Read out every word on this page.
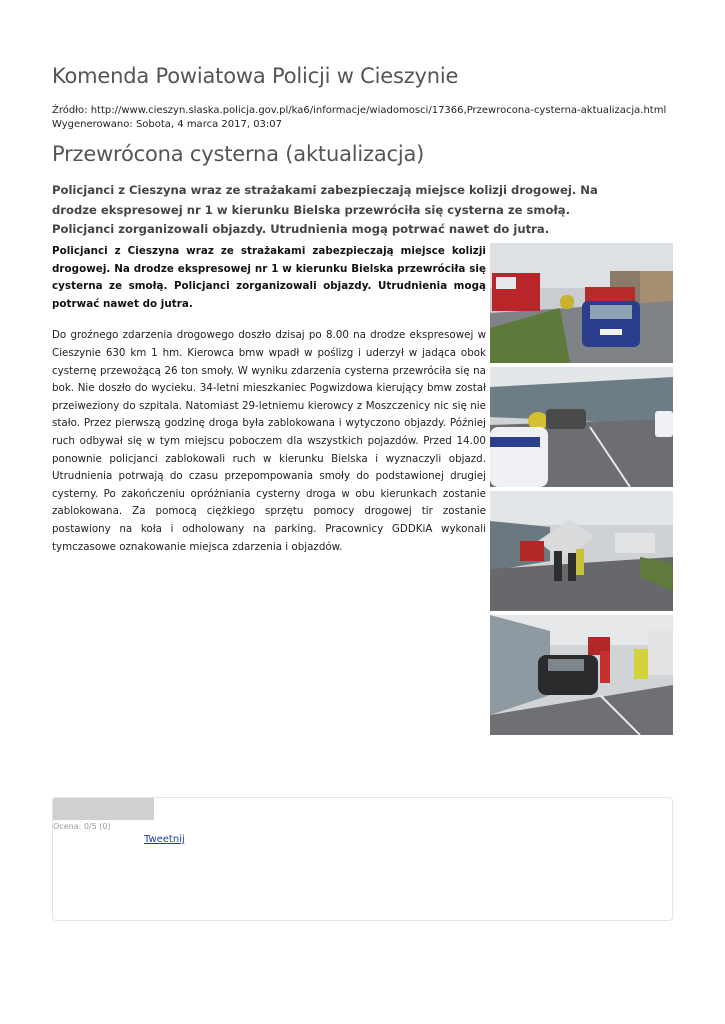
Komenda Powiatowa Policji w Cieszynie
Źródło: http://www.cieszyn.slaska.policja.gov.pl/ka6/informacje/wiadomosci/17366,Przewrocona-cysterna-aktualizacja.html
Wygenerowano: Sobota, 4 marca 2017, 03:07
Przewrócona cysterna (aktualizacja)

Policjanci z Cieszyna wraz ze strażakami zabezpieczają miejsce kolizji drogowej. Na drodze ekspresowej nr 1 w kierunku Bielska przewróciła się cysterna ze smołą. Policjanci zorganizowali objazdy. Utrudnienia mogą potrwać nawet do jutra.

Policjanci z Cieszyna wraz ze strażakami zabezpieczają miejsce kolizji drogowej. Na drodze ekspresowej nr 1 w kierunku Bielska przewróciła się cysterna ze smołą. Policjanci zorganizowali objazdy. Utrudnienia mogą potrwać nawet do jutra.

Do groźnego zdarzenia drogowego doszło dzisaj po 8.00 na drodze ekspresowej w Cieszynie 630 km 1 hm. Kierowca bmw wpadł w poślizg i uderzył w jadąca obok cysternę przewożącą 26 ton smoły. W wyniku zdarzenia cysterna przewróciła się na bok. Nie doszło do wycieku. 34-letni mieszkaniec Pogwizdowa kierujący bmw został przeiweziony do szpitala. Natomiast 29-letniemu kierowcy z Moszczenicy nic się nie stało. Przez pierwszą godzinę droga była zablokowana i wytyczono objazdy. Później ruch odbywał się w tym miejscu poboczem dla wszystkich pojazdów. Przed 14.00 ponownie policjanci zablokowali ruch w kierunku Bielska i wyznaczyli objazd. Utrudnienia potrwają do czasu przepompowania smoły do podstawionej drugiej cysterny. Po zakończeniu opróżniania cysterny droga w obu kierunkach zostanie zablokowana. Za pomocą ciężkiego sprzętu pomocy drogowej tir zostanie postawiony na koła i odholowany na parking. Pracownicy GDDKiA wykonali tymczasowe oznakowanie miejsca zdarzenia i objazdów.

Ocena: 0/5 (0)
Tweetnij
